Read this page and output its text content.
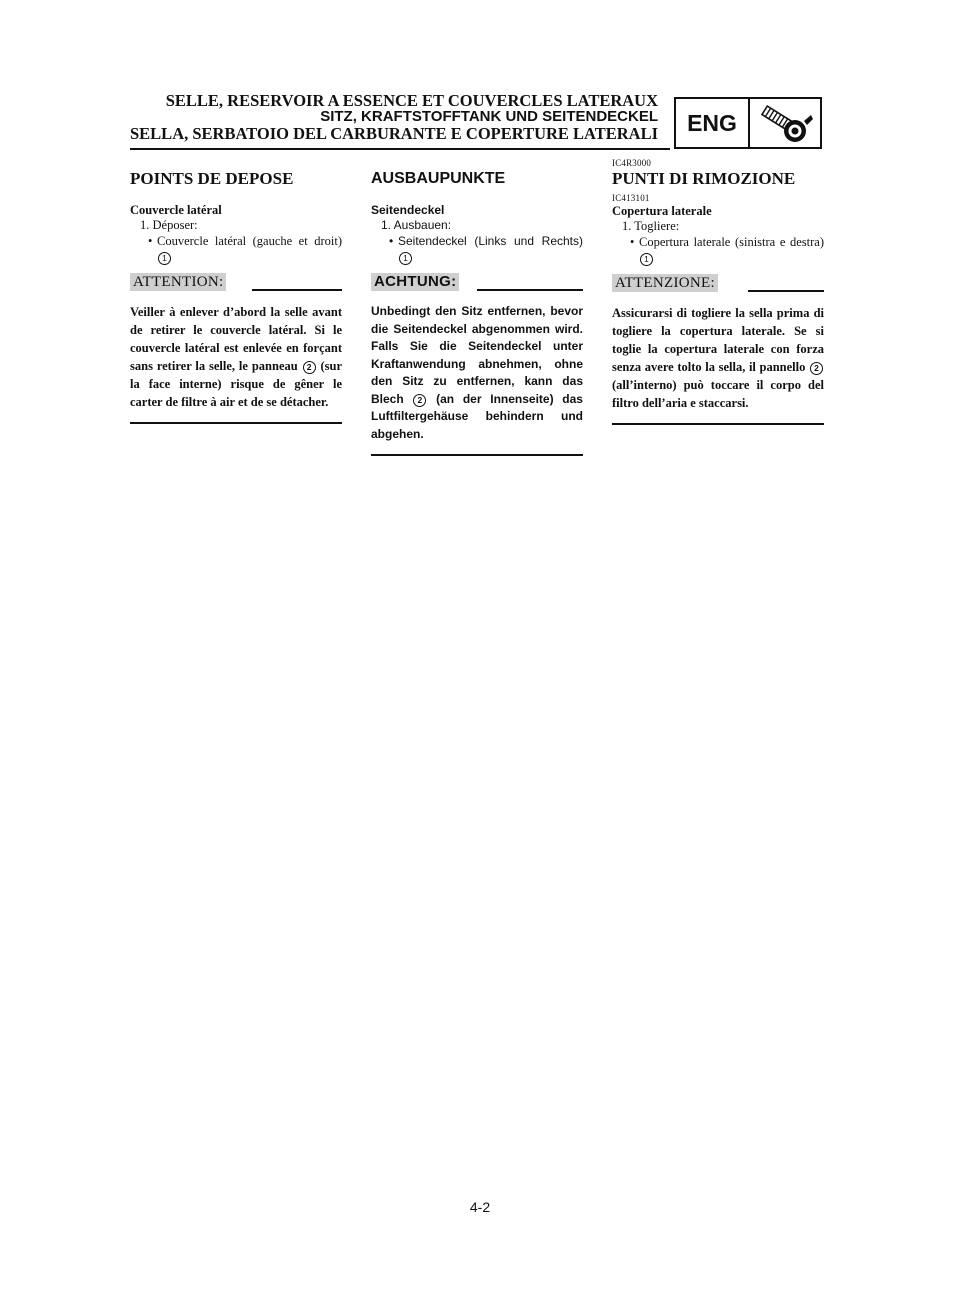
SELLE, RESERVOIR A ESSENCE ET COUVERCLES LATERAUX
SITZ, KRAFTSTOFFTANK UND SEITENDECKEL
SELLA, SERBATOIO DEL CARBURANTE E COPERTURE LATERALI	ENG
POINTS DE DEPOSE
Couvercle latéral
1. Déposer:
• Couvercle latéral (gauche et droit) 1
ATTENTION:
Veiller à enlever d’abord la selle avant de retirer le couvercle latéral. Si le couvercle latéral est enlevée en forçant sans retirer la selle, le panneau 2 (sur la face interne) risque de gêner le carter de filtre à air et de se détacher.
AUSBAUPUNKTE
Seitendeckel
1. Ausbauen:
• Seitendeckel (Links und Rechts) 1
ACHTUNG:
Unbedingt den Sitz entfernen, bevor die Seitendeckel abgenommen wird. Falls Sie die Seitendeckel unter Kraftanwendung abnehmen, ohne den Sitz zu entfernen, kann das Blech 2 (an der Innenseite) das Luftfiltergehäuse behindern und abgehen.
IC4R3000
PUNTI DI RIMOZIONE
IC413101
Copertura laterale
1. Togliere:
• Copertura laterale (sinistra e destra) 1
ATTENZIONE:
Assicurarsi di togliere la sella prima di togliere la copertura laterale. Se si toglie la copertura laterale con forza senza avere tolto la sella, il pannello 2 (all’interno) può toccare il corpo del filtro dell’aria e staccarsi.
4-2
